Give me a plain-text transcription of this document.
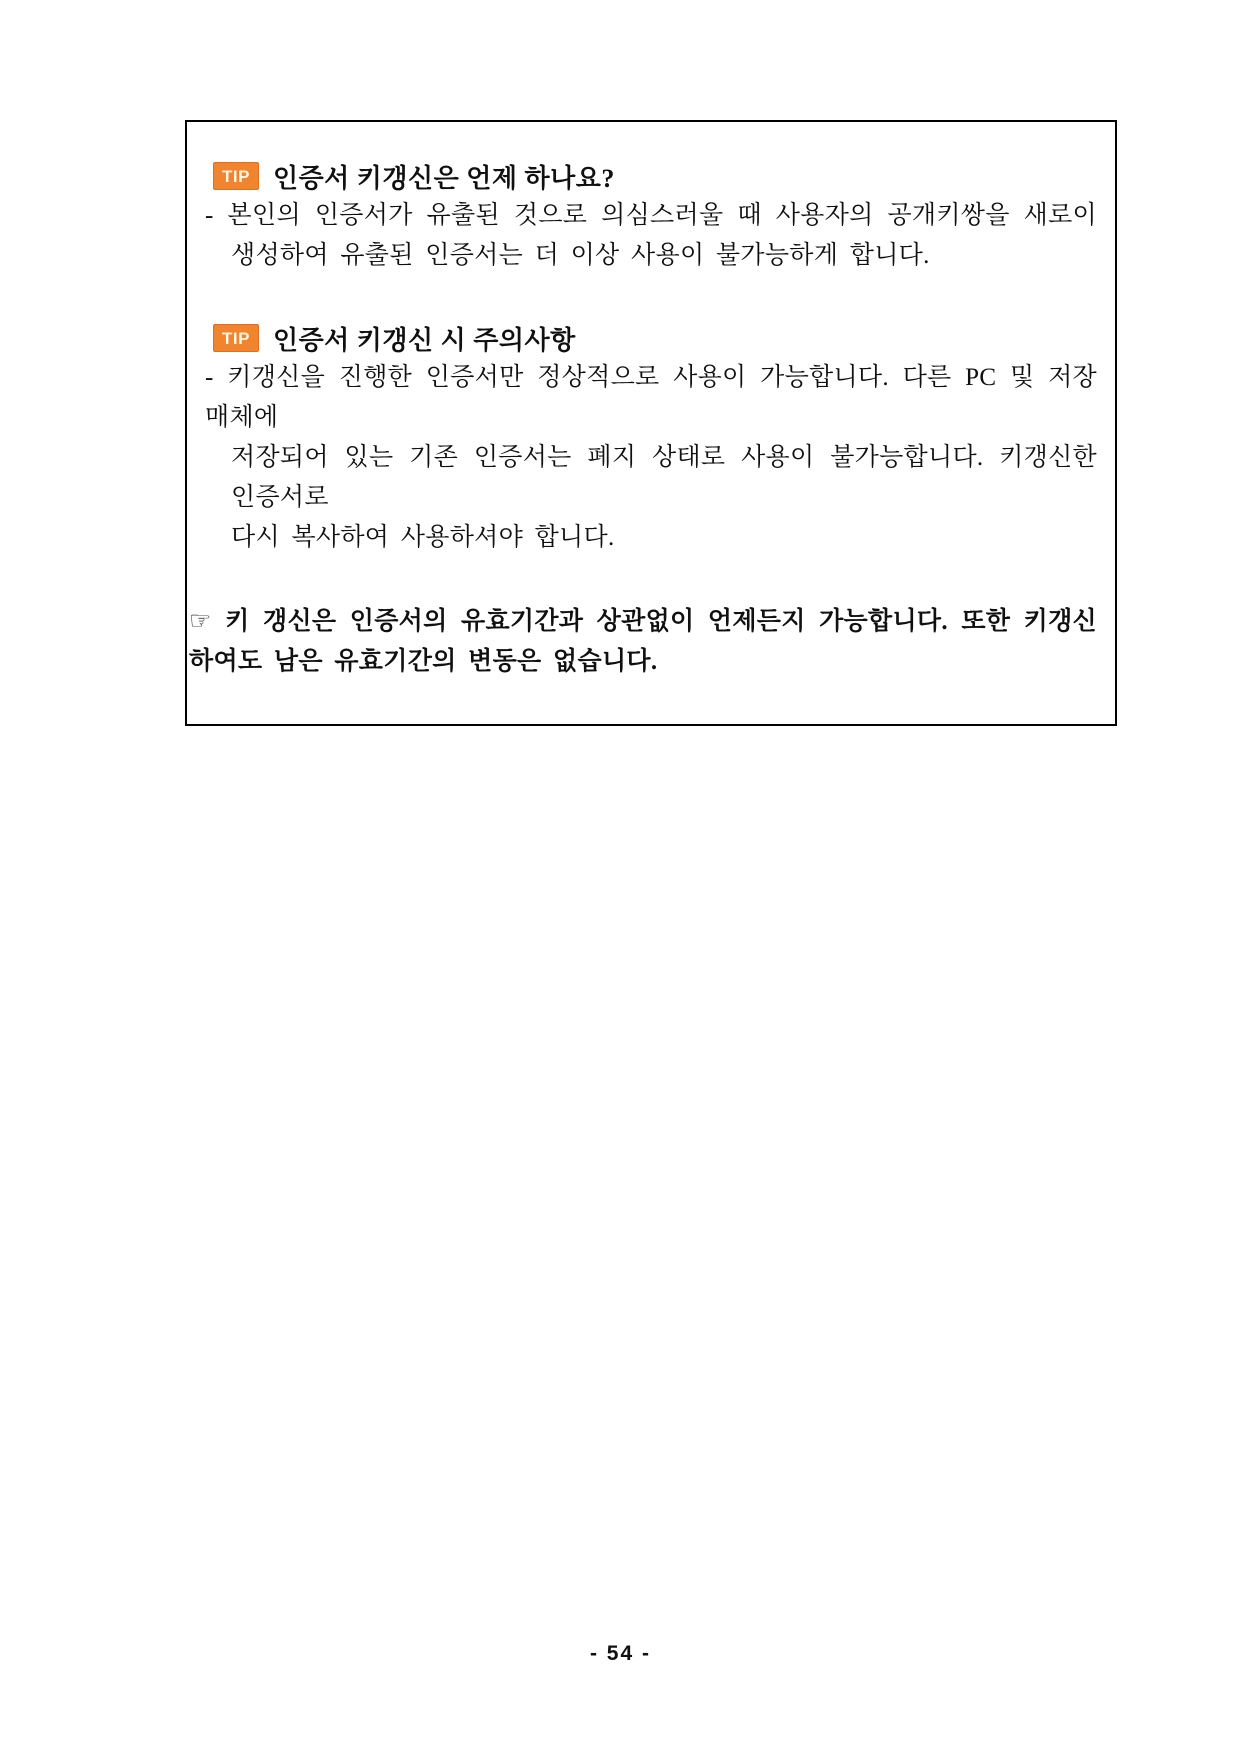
TIP 인증서 키갱신은 언제 하나요?
- 본인의 인증서가 유출된 것으로 의심스러울 때 사용자의 공개키쌍을 새로이
생성하여 유출된 인증서는 더 이상 사용이 불가능하게 합니다.
TIP 인증서 키갱신 시 주의사항
- 키갱신을 진행한 인증서만 정상적으로 사용이 가능합니다. 다른 PC 및 저장매체에
저장되어 있는 기존 인증서는 폐지 상태로 사용이 불가능합니다. 키갱신한 인증서로
다시 복사하여 사용하셔야 합니다.
☞ 키 갱신은 인증서의 유효기간과 상관없이 언제든지 가능합니다. 또한 키갱신
하여도 남은 유효기간의 변동은 없습니다.
- 54 -
